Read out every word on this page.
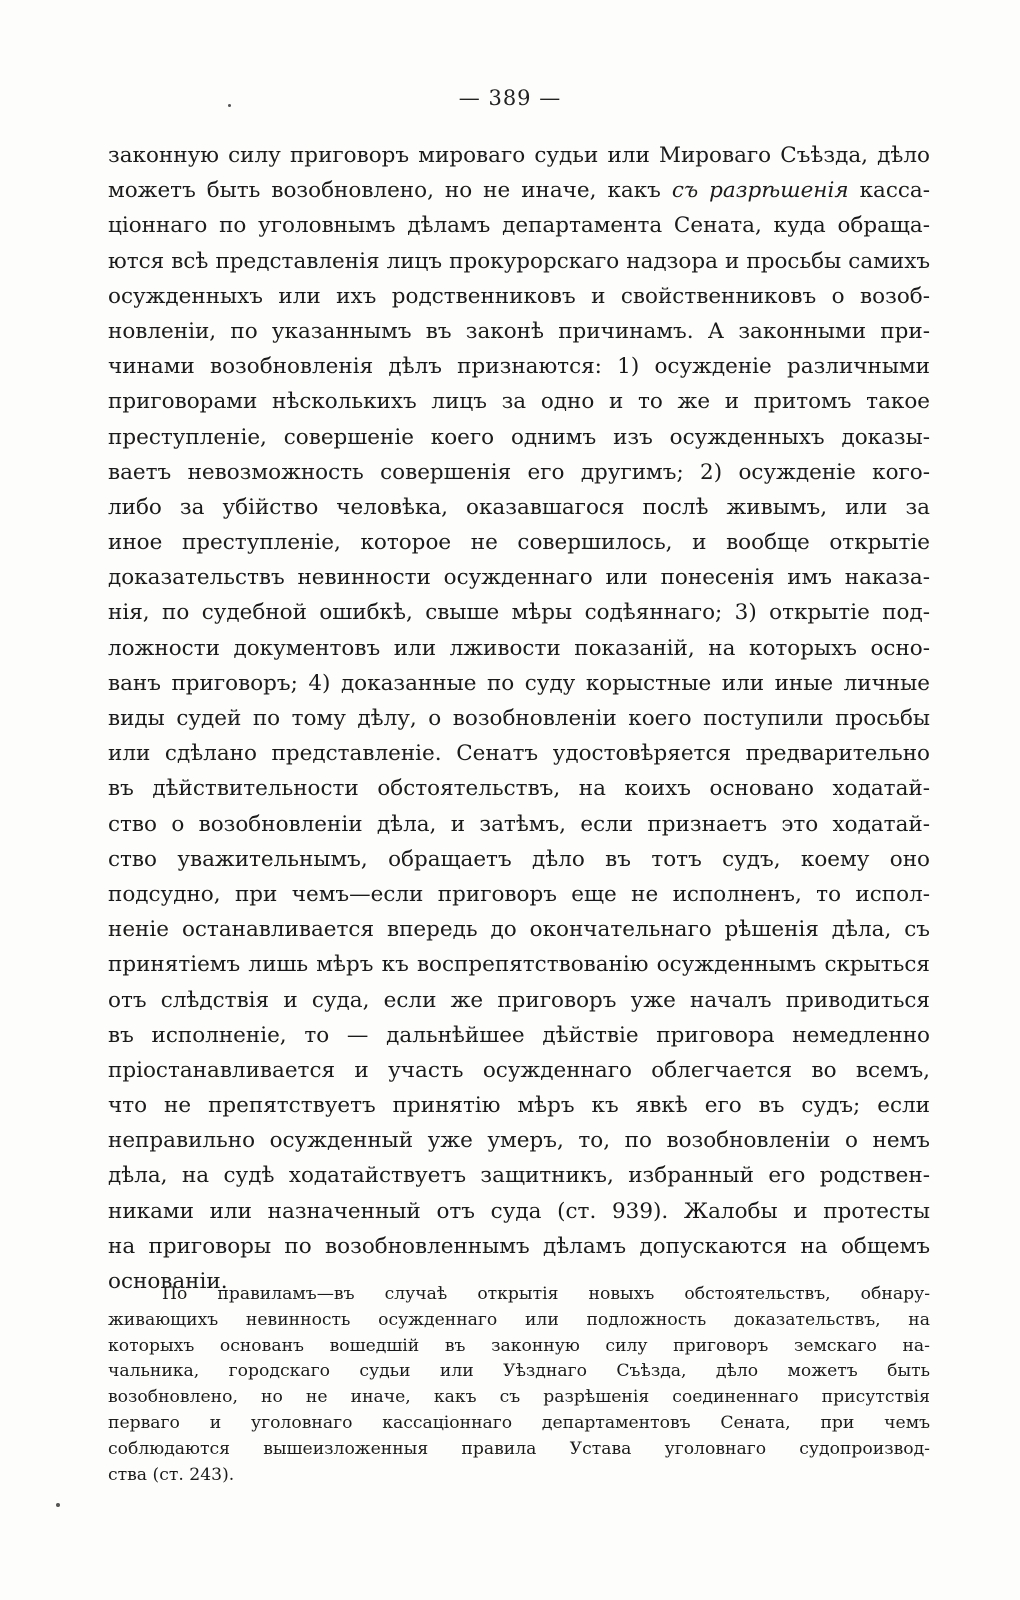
— 389 —
законную силу приговоръ мироваго судьи или Мироваго Съѣзда, дѣло
можетъ быть возобновлено, но не иначе, какъ съ разрѣшенія касса-
ціоннаго по уголовнымъ дѣламъ департамента Сената, куда обраща-
ются всѣ представленія лицъ прокурорскаго надзора и просьбы самихъ
осужденныхъ или ихъ родственниковъ и свойственниковъ о возоб-
новленіи, по указаннымъ въ законѣ причинамъ. А законными при-
чинами возобновленія дѣлъ признаются: 1) осужденіе различными
приговорами нѣсколькихъ лицъ за одно и то же и притомъ такое
преступленіе, совершеніе коего однимъ изъ осужденныхъ доказы-
ваетъ невозможность совершенія его другимъ; 2) осужденіе кого-
либо за убійство человѣка, оказавшагося послѣ живымъ, или за
иное преступленіе, которое не совершилось, и вообще открытіе
доказательствъ невинности осужденнаго или понесенія имъ наказа-
нія, по судебной ошибкѣ, свыше мѣры содѣяннаго; 3) открытіе под-
ложности документовъ или лживости показаній, на которыхъ осно-
ванъ приговоръ; 4) доказанные по суду корыстные или иные личные
виды судей по тому дѣлу, о возобновленіи коего поступили просьбы
или сдѣлано представленіе. Сенатъ удостовѣряется предварительно
въ дѣйствительности обстоятельствъ, на коихъ основано ходатай-
ство о возобновленіи дѣла, и затѣмъ, если признаетъ это ходатай-
ство уважительнымъ, обращаетъ дѣло въ тотъ судъ, коему оно
подсудно, при чемъ—если приговоръ еще не исполненъ, то испол-
неніе останавливается впередь до окончательнаго рѣшенія дѣла, съ
принятіемъ лишь мѣръ къ воспрепятствованію осужденнымъ скрыться
отъ слѣдствія и суда, если же приговоръ уже началъ приводиться
въ исполненіе, то — дальнѣйшее дѣйствіе приговора немедленно
пріостанавливается и участь осужденнаго облегчается во всемъ,
что не препятствуетъ принятію мѣръ къ явкѣ его въ судъ; если
неправильно осужденный уже умеръ, то, по возобновленіи о немъ
дѣла, на судѣ ходатайствуетъ защитникъ, избранный его родствен-
никами или назначенный отъ суда (ст. 939). Жалобы и протесты
на приговоры по возобновленнымъ дѣламъ допускаются на общемъ
основаніи.
По правиламъ—въ случаѣ открытія новыхъ обстоятельствъ, обнару-
живающихъ невинность осужденнаго или подложность доказательствъ, на
которыхъ основанъ вошедшій въ законную силу приговоръ земскаго на-
чальника, городскаго судьи или Уѣзднаго Съѣзда, дѣло можетъ быть
возобновлено, но не иначе, какъ съ разрѣшенія соединеннаго присутствія
перваго и уголовнаго кассаціоннаго департаментовъ Сената, при чемъ
соблюдаются вышеизложенныя правила Устава уголовнаго судопроизвод-
ства (ст. 243).
